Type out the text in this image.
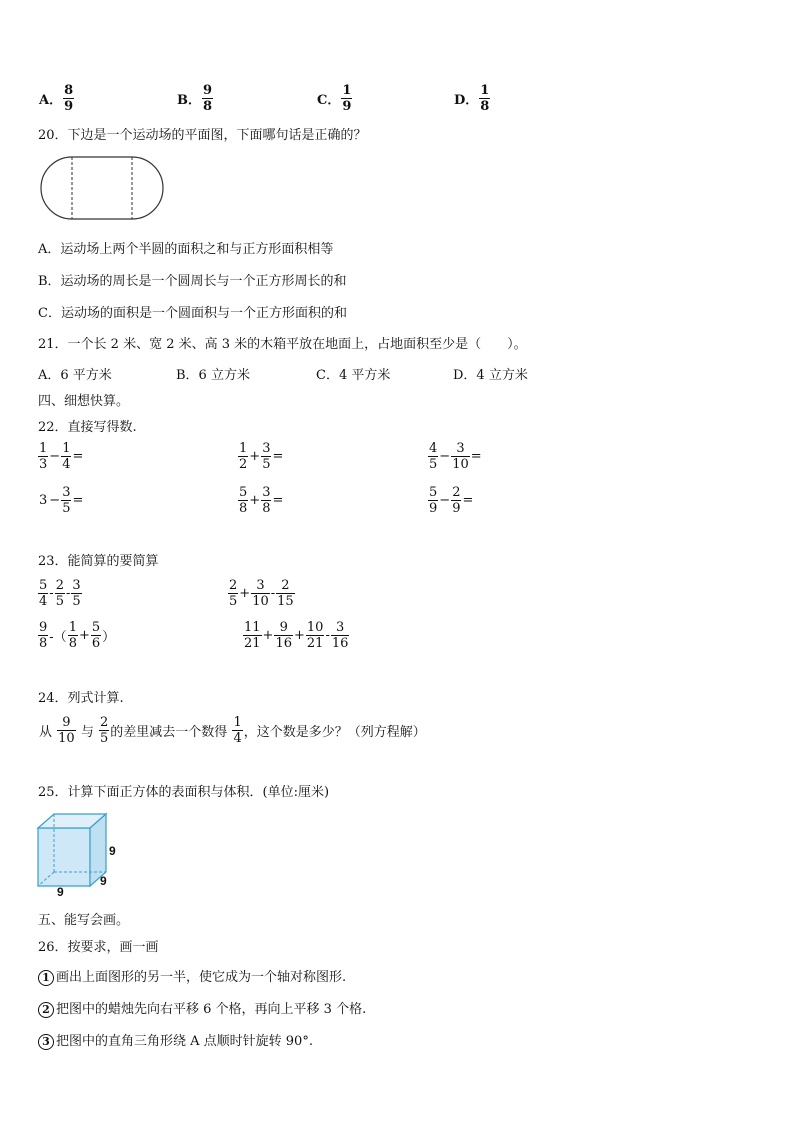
A． $\frac{8}{9}$	B． $\frac{9}{8}$	C． $\frac{1}{9}$	D． $\frac{1}{8}$
20．下边是一个运动场的平面图，下面哪句话是正确的？
A．运动场上两个半圆的面积之和与正方形面积相等
B．运动场的周长是一个圆周长与一个正方形周长的和
C．运动场的面积是一个圆面积与一个正方形面积的和
21．一个长 2 米、宽 2 米、高 3 米的木箱平放在地面上，占地面积至少是（　　）。
A．6 平方米	B．6 立方米	C．4 平方米	D．4 立方米
四、细想快算。
22．直接写得数.
$\frac{1}{3} - \frac{1}{4}$ =	$\frac{1}{2} + \frac{3}{5}$ =	$\frac{4}{5} - \frac{3}{10}$ =
$3 - \frac{3}{5}$ =	$\frac{5}{8} + \frac{3}{8}$ =	$\frac{5}{9} - \frac{2}{9}$ =
23．能简算的要简算
$\frac{5}{4} - \frac{2}{5} - \frac{3}{5}$	$\frac{2}{5} + \frac{3}{10} - \frac{2}{15}$
$\frac{9}{8}$ -（ $\frac{1}{8} + \frac{5}{6}$ ）	$\frac{11}{21} + \frac{9}{16} + \frac{10}{21} - \frac{3}{16}$
24．列式计算.
从 $\frac{9}{10}$ 与 $\frac{2}{5}$ 的差里减去一个数得 $\frac{1}{4}$ ，这个数是多少？（列方程解）
25．计算下面正方体的表面积与体积．(单位:厘米)
9
9
9
五、能写会画。
26．按要求，画一画
1 画出上面图形的另一半，使它成为一个轴对称图形.
2 把图中的蜡烛先向右平移 6 个格，再向上平移 3 个格.
3 把图中的直角三角形绕 A 点顺时针旋转 90°.
